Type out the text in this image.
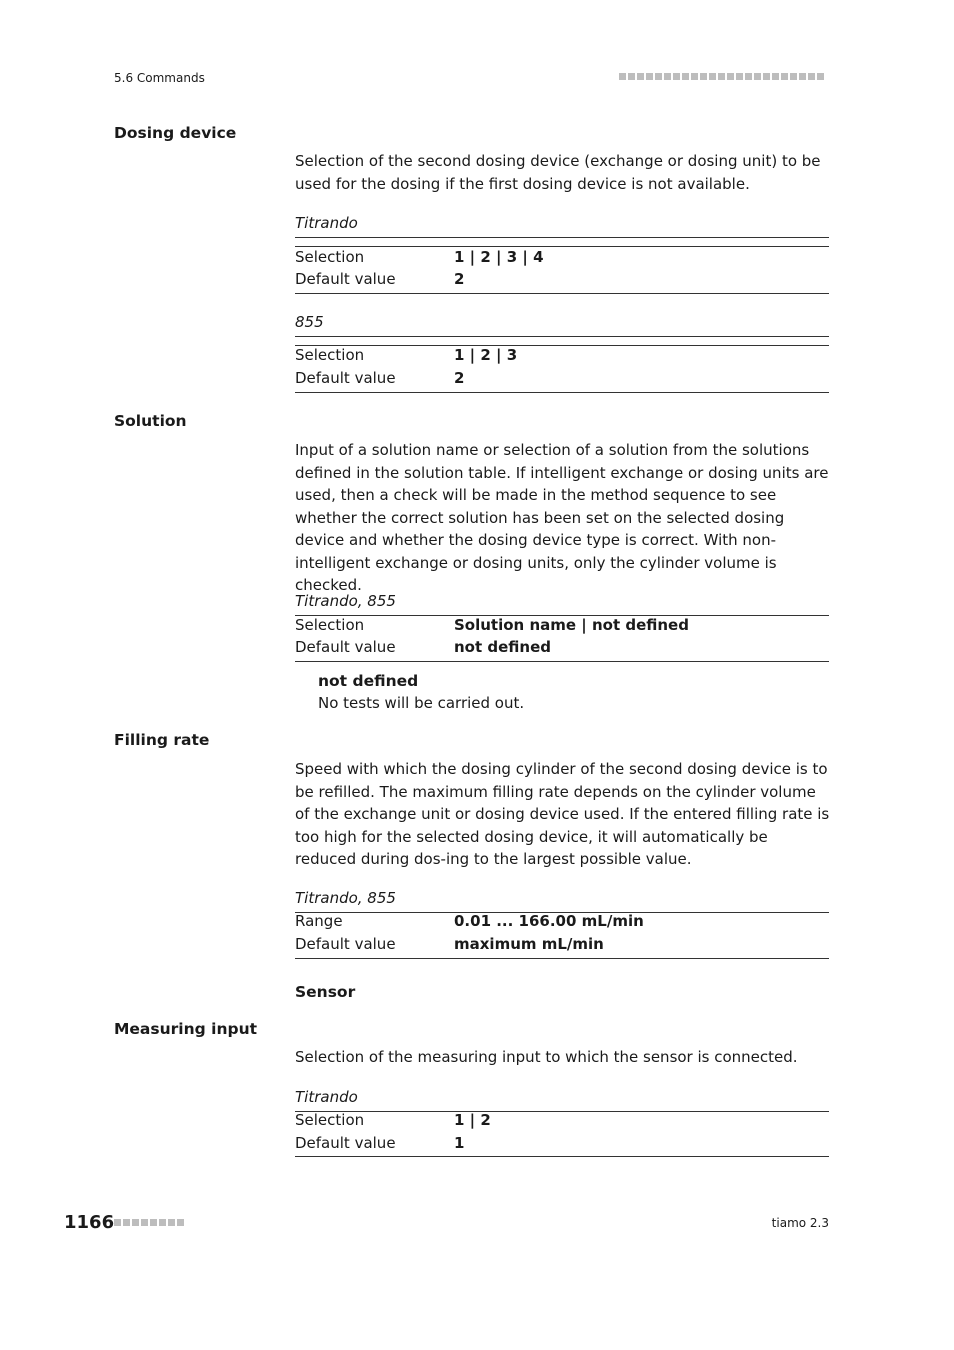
5.6 Commands
Dosing device
Selection of the second dosing device (exchange or dosing unit) to be used for the dosing if the first dosing device is not available.
Titrando
Selection	1 | 2 | 3 | 4
Default value	2
855
Selection	1 | 2 | 3
Default value	2
Solution
Input of a solution name or selection of a solution from the solutions defined in the solution table. If intelligent exchange or dosing units are used, then a check will be made in the method sequence to see whether the correct solution has been set on the selected dosing device and whether the dosing device type is correct. With non-intelligent exchange or dosing units, only the cylinder volume is checked.
Titrando, 855
Selection	Solution name | not defined
Default value	not defined
not defined
No tests will be carried out.
Filling rate
Speed with which the dosing cylinder of the second dosing device is to be refilled. The maximum filling rate depends on the cylinder volume of the exchange unit or dosing device used. If the entered filling rate is too high for the selected dosing device, it will automatically be reduced during dos-ing to the largest possible value.
Titrando, 855
Range	0.01 ... 166.00 mL/min
Default value	maximum mL/min
Sensor
Measuring input
Selection of the measuring input to which the sensor is connected.
Titrando
Selection	1 | 2
Default value	1
1166	tiamo 2.3
